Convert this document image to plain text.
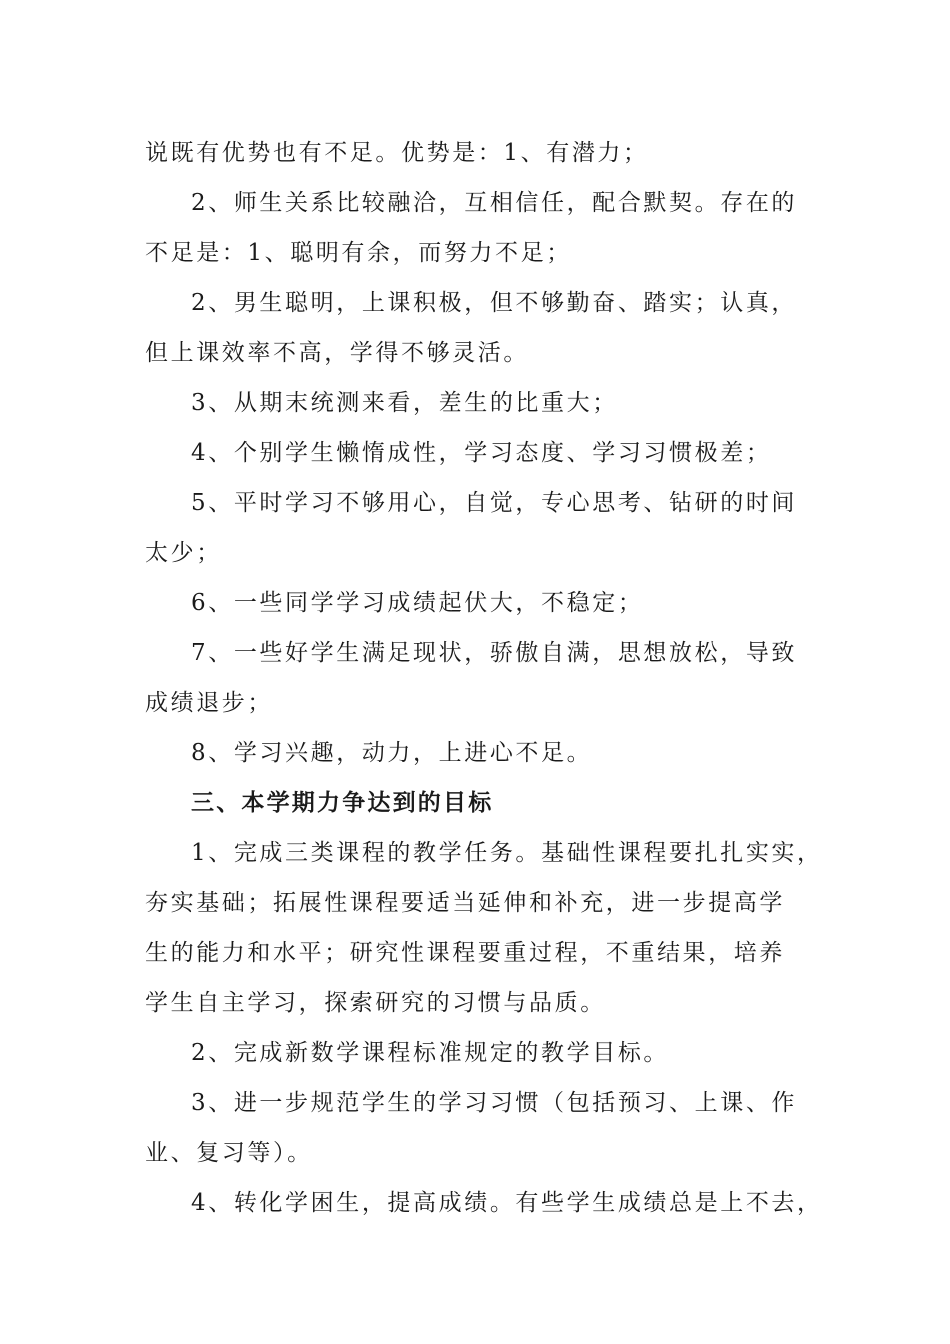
说既有优势也有不足。优势是：1、有潜力；
2、师生关系比较融洽，互相信任，配合默契。存在的
不足是：1、聪明有余，而努力不足；
2、男生聪明，上课积极，但不够勤奋、踏实；认真，
但上课效率不高，学得不够灵活。
3、从期末统测来看，差生的比重大；
4、个别学生懒惰成性，学习态度、学习习惯极差；
5、平时学习不够用心，自觉，专心思考、钻研的时间
太少；
6、一些同学学习成绩起伏大，不稳定；
7、一些好学生满足现状，骄傲自满，思想放松，导致
成绩退步；
8、学习兴趣，动力，上进心不足。
三、本学期力争达到的目标
1、完成三类课程的教学任务。基础性课程要扎扎实实，
夯实基础；拓展性课程要适当延伸和补充，进一步提高学
生的能力和水平；研究性课程要重过程，不重结果，培养
学生自主学习，探索研究的习惯与品质。
2、完成新数学课程标准规定的教学目标。
3、进一步规范学生的学习习惯（包括预习、上课、作
业、复习等）。
4、转化学困生，提高成绩。有些学生成绩总是上不去，
